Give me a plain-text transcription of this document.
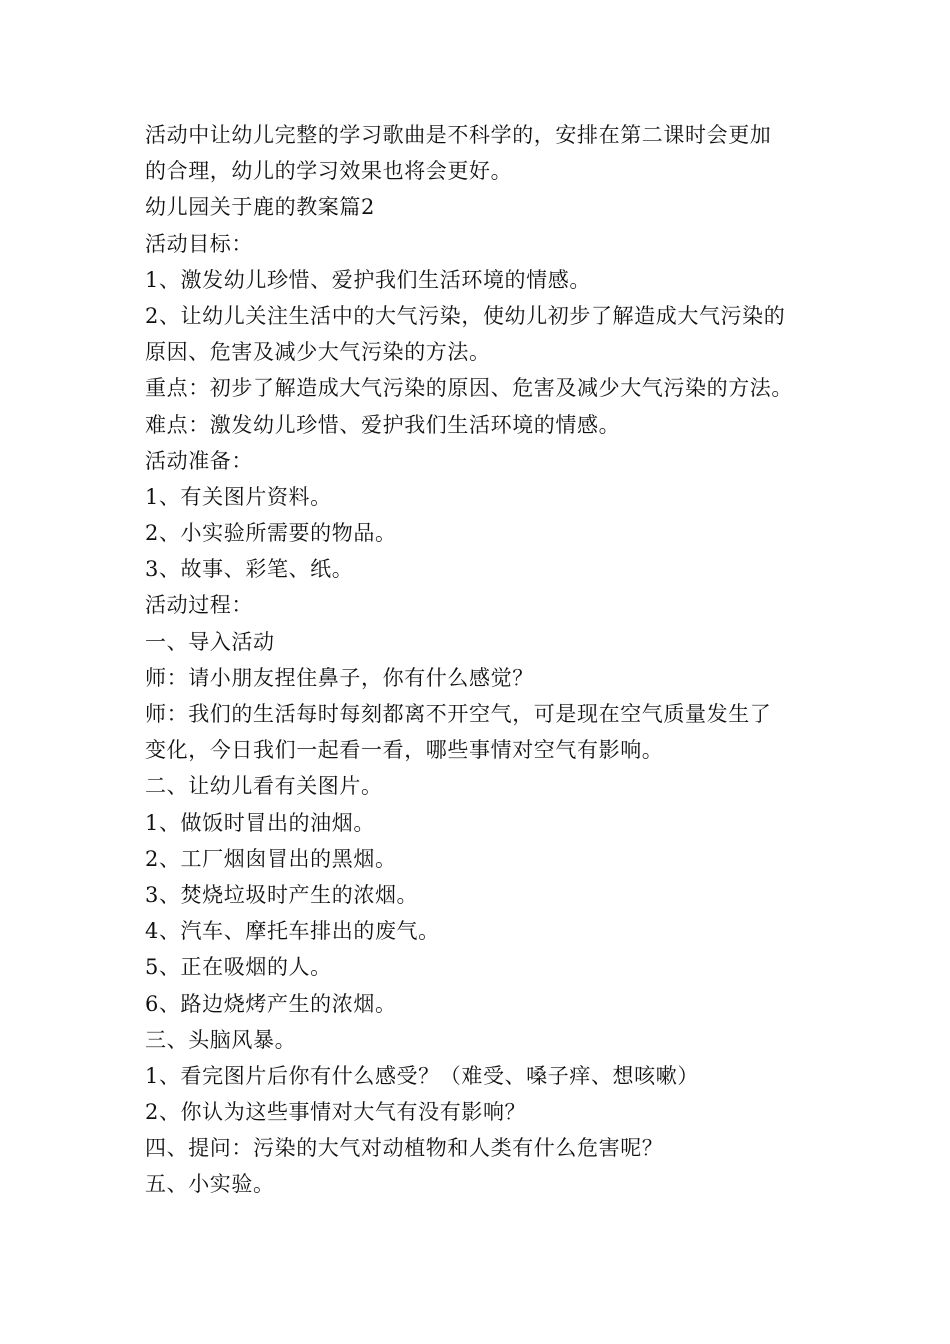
活动中让幼儿完整的学习歌曲是不科学的，安排在第二课时会更加
的合理，幼儿的学习效果也将会更好。
幼儿园关于鹿的教案篇2
活动目标：
1、激发幼儿珍惜、爱护我们生活环境的情感。
2、让幼儿关注生活中的大气污染，使幼儿初步了解造成大气污染的
原因、危害及减少大气污染的方法。
重点：初步了解造成大气污染的原因、危害及减少大气污染的方法。
难点：激发幼儿珍惜、爱护我们生活环境的情感。
活动准备：
1、有关图片资料。
2、小实验所需要的物品。
3、故事、彩笔、纸。
活动过程：
一、导入活动
师：请小朋友捏住鼻子，你有什么感觉？
师：我们的生活每时每刻都离不开空气，可是现在空气质量发生了
变化，今日我们一起看一看，哪些事情对空气有影响。
二、让幼儿看有关图片。
1、做饭时冒出的油烟。
2、工厂烟囱冒出的黑烟。
3、焚烧垃圾时产生的浓烟。
4、汽车、摩托车排出的废气。
5、正在吸烟的人。
6、路边烧烤产生的浓烟。
三、头脑风暴。
1、看完图片后你有什么感受？（难受、嗓子痒、想咳嗽）
2、你认为这些事情对大气有没有影响？
四、提问：污染的大气对动植物和人类有什么危害呢？
五、小实验。
